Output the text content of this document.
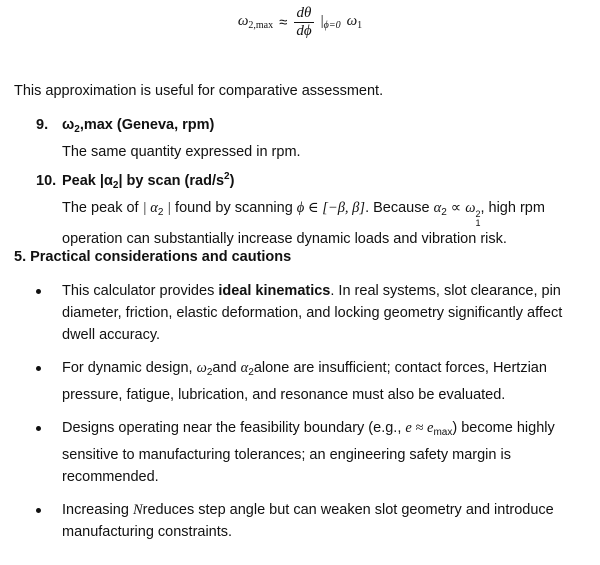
$\omega_{2,max} \approx \frac{d\theta}{d\phi} |_{\phi=0}$ $\omega_1$
This approximation is useful for comparative assessment.
9. $\omega_2,\max$ (Geneva, rpm)
The same quantity expressed in rpm.
10. Peak $|\alpha_2|$ by scan $(rad/s^2)$
The peak of | $\alpha_2$ | found by scanning ϕ ∈ [−β, β]. Because $\alpha_2 \propto \omega$ 2
1
, high rpm operation can substantially increase dynamic loads and vibration risk.
5. Practical considerations and cautions
This calculator provides ideal kinematics. In real systems, slot clearance, pin diameter, friction, elastic deformation, and locking geometry significantly affect dwell accuracy.
For dynamic design, $\omega_2and$ $\alpha_2alone$ are insufficient; contact forces, Hertzian pressure, fatigue, lubrication, and resonance must also be evaluated.
Designs operating near the feasibility boundary (e.g., $e \approx e_{max}$) become highly sensitive to manufacturing tolerances; an engineering safety margin is recommended.
Increasing Nreduces step angle but can weaken slot geometry and introduce manufacturing constraints.
